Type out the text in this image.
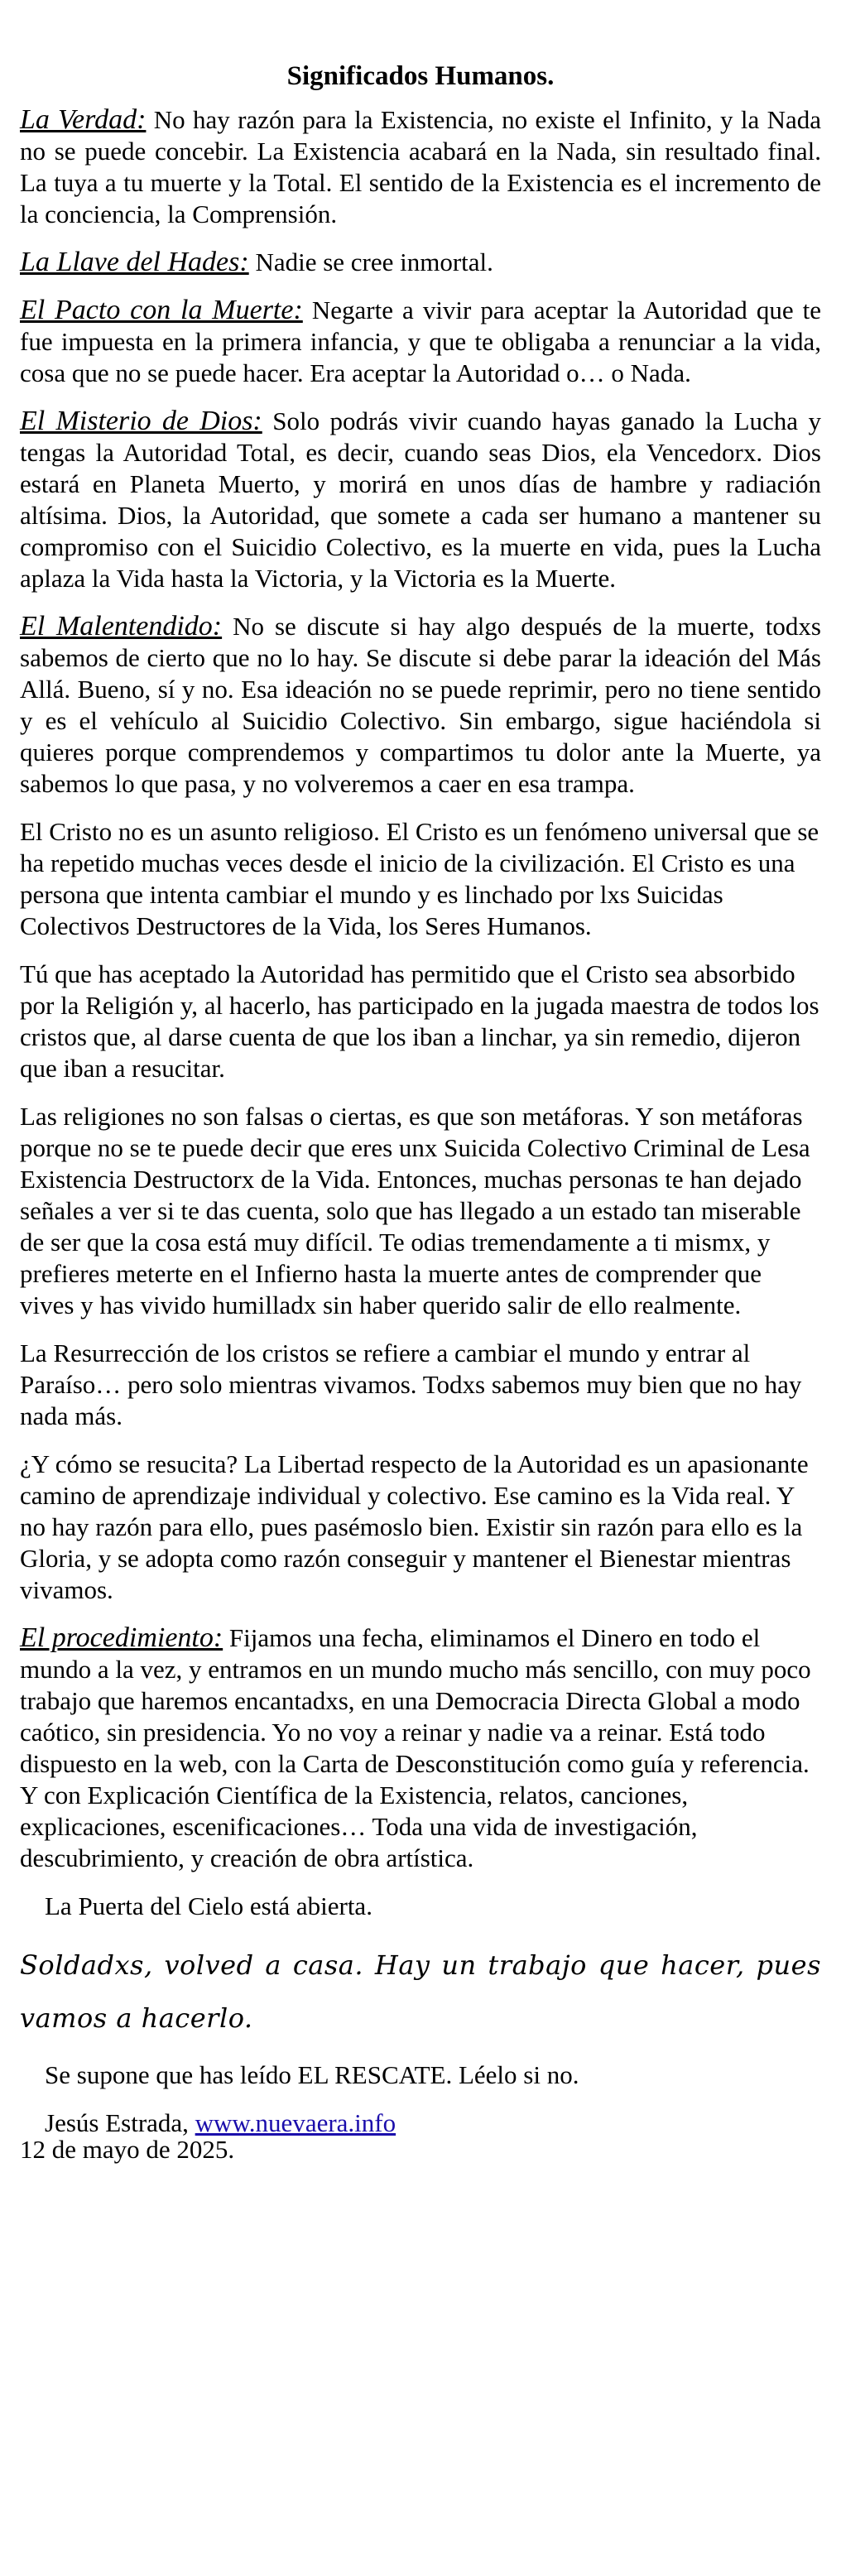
Significados Humanos.

La Verdad: No hay razón para la Existencia, no existe el Infinito, y la Nada no se puede concebir. La Existencia acabará en la Nada, sin resultado final. La tuya a tu muerte y la Total. El sentido de la Existencia es el incremento de la conciencia, la Comprensión.

La Llave del Hades: Nadie se cree inmortal.

El Pacto con la Muerte: Negarte a vivir para aceptar la Autoridad que te fue impuesta en la primera infancia, y que te obligaba a renunciar a la vida, cosa que no se puede hacer. Era aceptar la Autoridad o… o Nada.

El Misterio de Dios: Solo podrás vivir cuando hayas ganado la Lucha y tengas la Autoridad Total, es decir, cuando seas Dios, ela Vencedorx. Dios estará en Planeta Muerto, y morirá en unos días de hambre y radiación altísima. Dios, la Autoridad, que somete a cada ser humano a mantener su compromiso con el Suicidio Colectivo, es la muerte en vida, pues la Lucha aplaza la Vida hasta la Victoria, y la Victoria es la Muerte.

El Malentendido: No se discute si hay algo después de la muerte, todxs sabemos de cierto que no lo hay. Se discute si debe parar la ideación del Más Allá. Bueno, sí y no. Esa ideación no se puede reprimir, pero no tiene sentido y es el vehículo al Suicidio Colectivo. Sin embargo, sigue haciéndola si quieres porque comprendemos y compartimos tu dolor ante la Muerte, ya sabemos lo que pasa, y no volveremos a caer en esa trampa.

El Cristo no es un asunto religioso. El Cristo es un fenómeno universal que se ha repetido muchas veces desde el inicio de la civilización. El Cristo es una persona que intenta cambiar el mundo y es linchado por lxs Suicidas Colectivos Destructores de la Vida, los Seres Humanos.

Tú que has aceptado la Autoridad has permitido que el Cristo sea absorbido por la Religión y, al hacerlo, has participado en la jugada maestra de todos los cristos que, al darse cuenta de que los iban a linchar, ya sin remedio, dijeron que iban a resucitar.

Las religiones no son falsas o ciertas, es que son metáforas. Y son metáforas porque no se te puede decir que eres unx Suicida Colectivo Criminal de Lesa Existencia Destructorx de la Vida. Entonces, muchas personas te han dejado señales a ver si te das cuenta, solo que has llegado a un estado tan miserable de ser que la cosa está muy difícil. Te odias tremendamente a ti mismx, y prefieres meterte en el Infierno hasta la muerte antes de comprender que vives y has vivido humilladx sin haber querido salir de ello realmente.

La Resurrección de los cristos se refiere a cambiar el mundo y entrar al Paraíso… pero solo mientras vivamos. Todxs sabemos muy bien que no hay nada más.

¿Y cómo se resucita? La Libertad respecto de la Autoridad es un apasionante camino de aprendizaje individual y colectivo. Ese camino es la Vida real. Y no hay razón para ello, pues pasémoslo bien. Existir sin razón para ello es la Gloria, y se adopta como razón conseguir y mantener el Bienestar mientras vivamos.

El procedimiento: Fijamos una fecha, eliminamos el Dinero en todo el mundo a la vez, y entramos en un mundo mucho más sencillo, con muy poco trabajo que haremos encantadxs, en una Democracia Directa Global a modo caótico, sin presidencia. Yo no voy a reinar y nadie va a reinar. Está todo dispuesto en la web, con la Carta de Desconstitución como guía y referencia. Y con Explicación Científica de la Existencia, relatos, canciones, explicaciones, escenificaciones… Toda una vida de investigación, descubrimiento, y creación de obra artística.

La Puerta del Cielo está abierta.

Soldadxs, volved a casa. Hay un trabajo que hacer, pues vamos a hacerlo.

Se supone que has leído EL RESCATE. Léelo si no.

Jesús Estrada, www.nuevaera.info

12 de mayo de 2025.
